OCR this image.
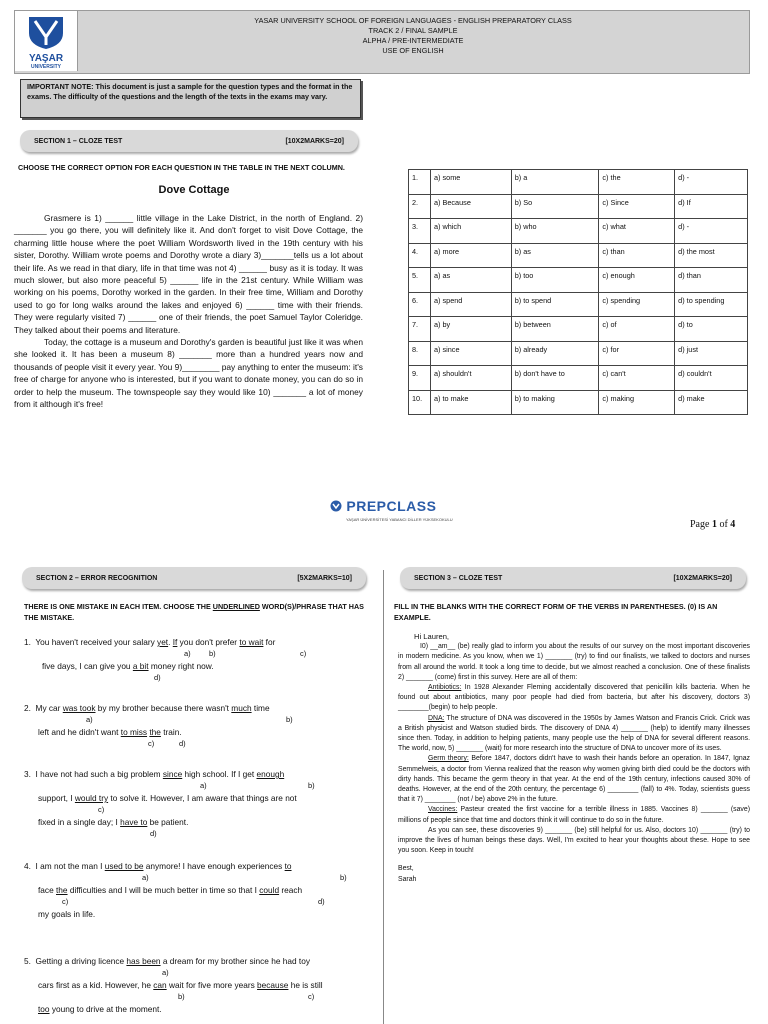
YAŞAR
UNIVERSITY
YASAR UNIVERSITY SCHOOL OF FOREIGN LANGUAGES - ENGLISH PREPARATORY CLASS
TRACK 2 / FINAL SAMPLE
ALPHA / PRE-INTERMEDIATE
USE OF ENGLISH
IMPORTANT NOTE: This document is just a sample for the question types and the format in the exams. The difficulty of the questions and the length of the texts in the exams may vary.
SECTION 1 – CLOZE TEST	[10X2MARKS=20]
CHOOSE THE CORRECT OPTION FOR EACH QUESTION IN THE TABLE IN THE NEXT COLUMN.
Dove Cottage

Grasmere is 1) ______ little village in the Lake District, in the north of England. 2) _______ you go there, you will definitely like it. And don't forget to visit Dove Cottage, the charming little house where the poet William Wordsworth lived in the 19th century with his sister, Dorothy. William wrote poems and Dorothy wrote a diary 3)_______tells us a lot about their life. As we read in that diary, life in that time was not 4) ______ busy as it is today. It was much slower, but also more peaceful 5) ______ life in the 21st century. While William was working on his poems, Dorothy worked in the garden. In their free time, William and Dorothy used to go for long walks around the lakes and enjoyed 6) ______ time with their friends. They were regularly visited 7) ______ one of their friends, the poet Samuel Taylor Coleridge. They talked about their poems and literature.

Today, the cottage is a museum and Dorothy's garden is beautiful just like it was when she looked it. It has been a museum 8) _______ more than a hundred years now and thousands of people visit it every year. You 9)________ pay anything to enter the museum: it's free of charge for anyone who is interested, but if you want to donate money, you can do so in order to help the museum. The townspeople say they would like 10) _______ a lot of money from it although it's free!

1.	a) some	b) a	c) the	d) -
2.	a) Because	b) So	c) Since	d) If
3.	a) which	b) who	c) what	d) -
4.	a) more	b) as	c) than	d) the most
5.	a) as	b) too	c) enough	d) than
6.	a) spend	b) to spend	c) spending	d) to spending
7.	a) by	b) between	c) of	d) to
8.	a) since	b) already	c) for	d) just
9.	a) shouldn't	b) don't have to	c) can't	d) couldn't
10.	a) to make	b) to making	c) making	d) make
PREPCLASS
YAŞAR ÜNİVERSİTESİ YABANCI DİLLER YÜKSEKOKULU	Page 1 of 4
SECTION 2 – ERROR RECOGNITION	[5X2MARKS=10]
THERE IS ONE MISTAKE IN EACH ITEM. CHOOSE THE UNDERLINED WORD(S)/PHRASE THAT HAS THE MISTAKE.
1. You haven't received your salary yet. If you don't prefer to wait for
a) b)	c)
five days, I can give you a bit money right now.
d)
2. My car was took by my brother because there wasn't much time
a)	b)
left and he didn't want to miss the train.
c)	d)
3. I have not had such a big problem since high school. If I get enough
a)	b)
support, I would try to solve it. However, I am aware that things are not
c)
fixed in a single day; I have to be patient.
d)
4. I am not the man I used to be anymore! I have enough experiences to
a)	b)
face the difficulties and I will be much better in time so that I could reach
c)	d)
my goals in life.
5. Getting a driving licence has been a dream for my brother since he had toy
a)
cars first as a kid. However, he can wait for five more years because he is still
b)	c)
too young to drive at the moment.
SECTION 3 – CLOZE TEST	[10X2MARKS=20]
FILL IN THE BLANKS WITH THE CORRECT FORM OF THE VERBS IN PARENTHESES. (0) IS AN EXAMPLE.

Hi Lauren,

I0) __am__ (be) really glad to inform you about the results of our survey on the most important discoveries in modern medicine. As you know, when we 1) _______ (try) to find our finalists, we talked to doctors and nurses from all around the world. It took a long time to decide, but we almost reached a conclusion. One of these finalists 2) _______ (come) first in this survey. Here are all of them:

Antibiotics: In 1928 Alexander Fleming accidentally discovered that penicillin kills bacteria. When he found out about antibiotics, many poor people had died from bacteria, but after his discovery, doctors 3) ________(begin) to help people.

DNA: The structure of DNA was discovered in the 1950s by James Watson and Francis Crick. Crick was a British physicist and Watson studied birds. The discovery of DNA 4) _______ (help) to identify many illnesses since then. Today, in addition to helping patients, many people use the help of DNA for several different reasons. The world, now, 5) _______ (wait) for more research into the structure of DNA to uncover more of its uses.

Germ theory: Before 1847, doctors didn't have to wash their hands before an operation. In 1847, Ignaz Semmelweis, a doctor from Vienna realized that the reason why women giving birth died could be the doctors with dirty hands. This became the germ theory in that year. At the end of the 19th century, infections caused 30% of deaths. However, at the end of the 20th century, the percentage 6) ________ (fall) to 4%. Today, scientists guess that it 7) ________ (not / be) above 2% in the future.

Vaccines: Pasteur created the first vaccine for a terrible illness in 1885. Vaccines 8) _______ (save) millions of people since that time and doctors think it will continue to do so in the future.

As you can see, these discoveries 9) _______ (be) still helpful for us. Also, doctors 10) _______ (try) to improve the lives of human beings these days. Well, I'm excited to hear your thoughts about these. Hope to see you soon. Keep in touch!

Best,

Sarah
